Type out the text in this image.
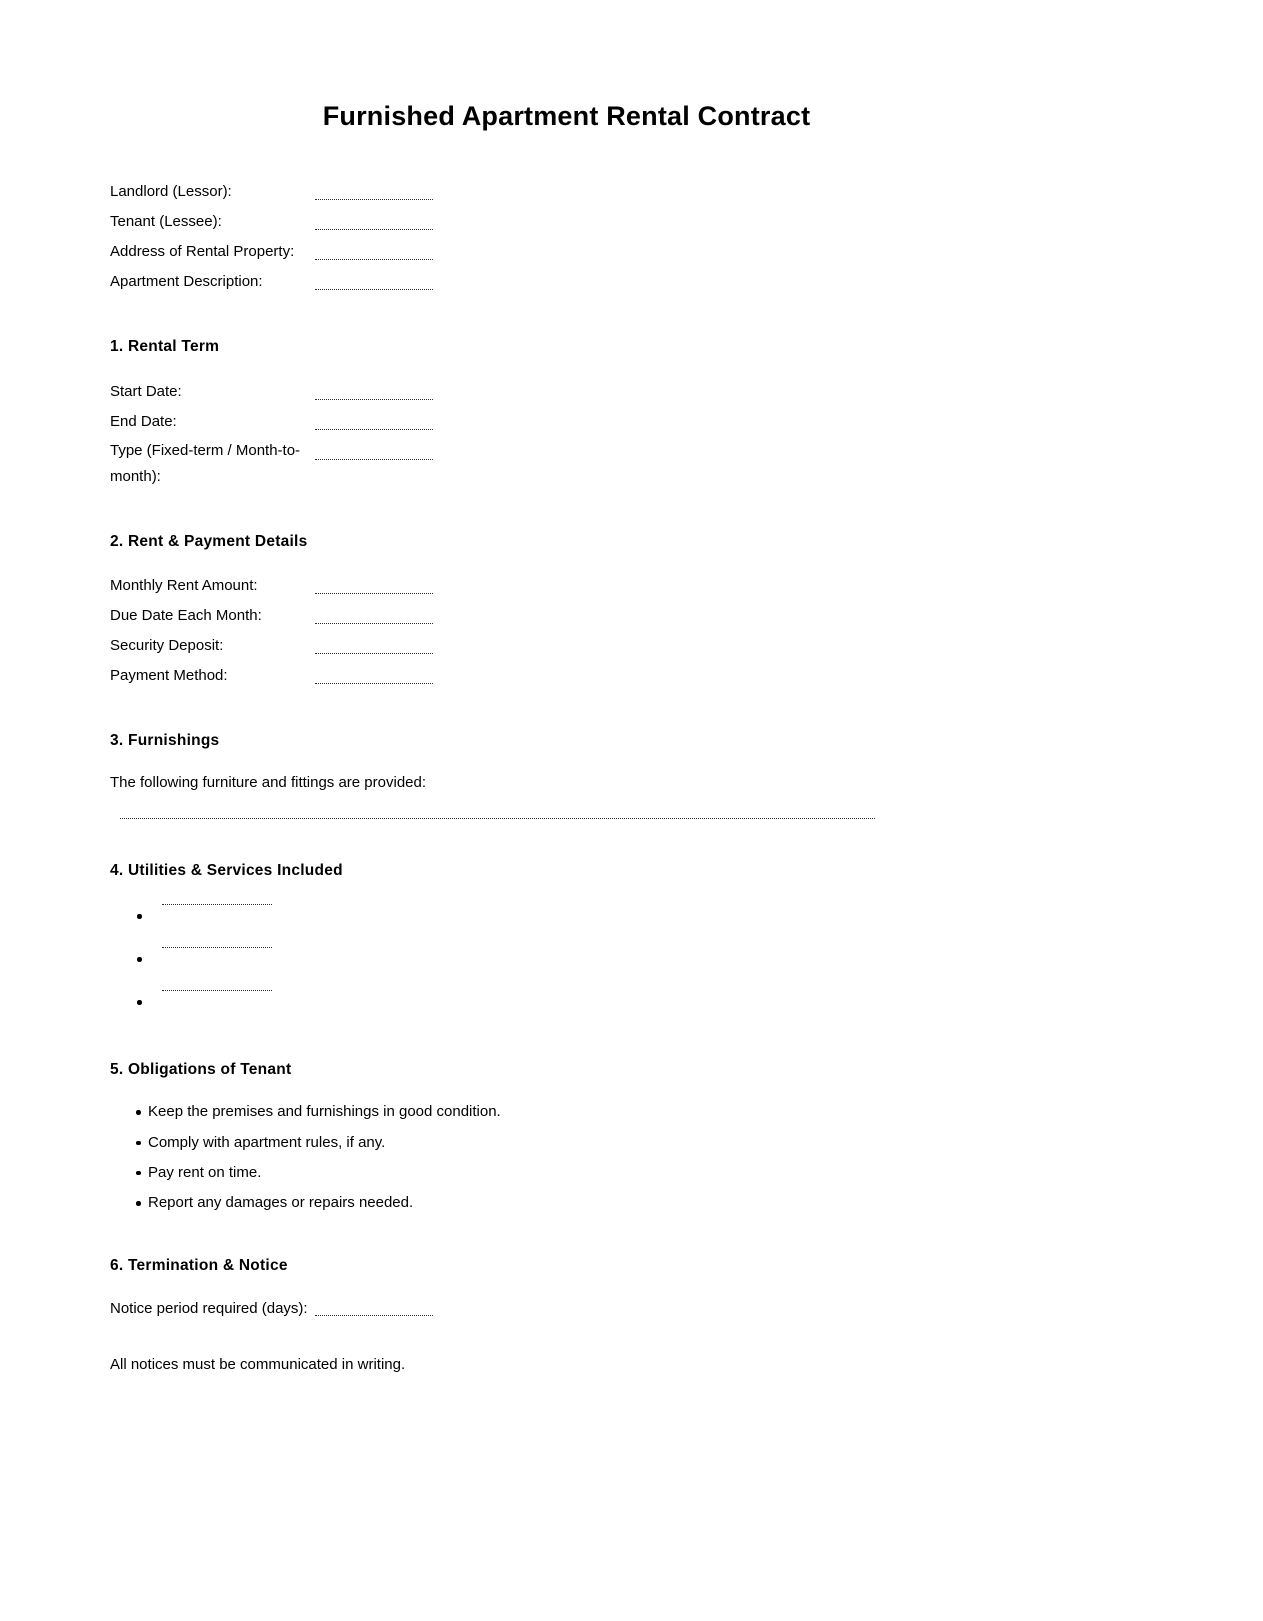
Furnished Apartment Rental Contract
Landlord (Lessor):
Tenant (Lessee):
Address of Rental Property:
Apartment Description:
1. Rental Term
Start Date:
End Date:
Type (Fixed-term / Month-to-month):
2. Rent & Payment Details
Monthly Rent Amount:
Due Date Each Month:
Security Deposit:
Payment Method:
3. Furnishings

The following furniture and fittings are provided:

4. Utilities & Services Included
5. Obligations of Tenant
Keep the premises and furnishings in good condition.
Comply with apartment rules, if any.
Pay rent on time.
Report any damages or repairs needed.
6. Termination & Notice
Notice period required (days):

All notices must be communicated in writing.
